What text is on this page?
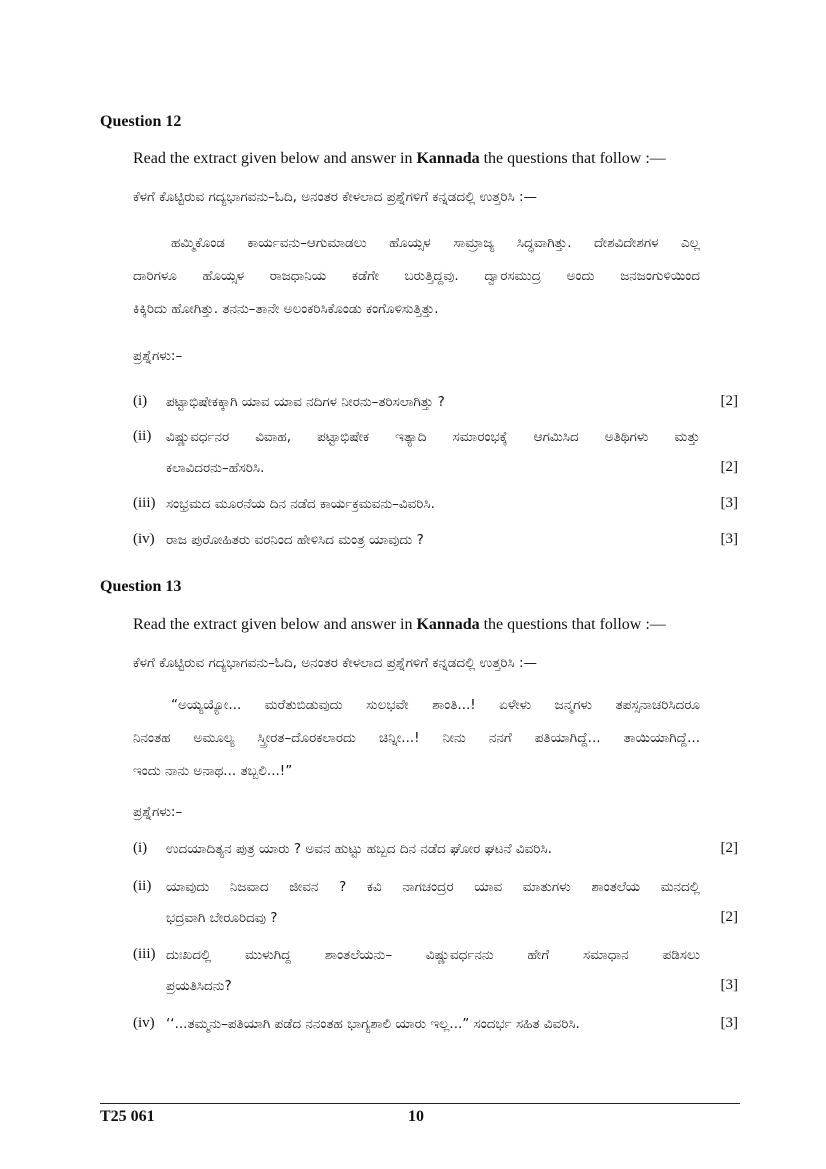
Question 12
Read the extract given below and answer in Kannada the questions that follow :—
ಕೆಳಗೆ ಕೊಟ್ಟಿರುವ ಗದ್ಯಭಾಗವನು–ಓದಿ, ಅನಂತರ ಕೇಳಲಾದ ಪ್ರಶ್ನೆಗಳಿಗೆ ಕನ್ನಡದಲ್ಲಿ ಉತ್ತರಿಸಿ :—
ಹಮ್ಮಿಕೊಂಡ ಕಾರ್ಯವನು–ಆಗುಮಾಡಲು ಹೊಯ್ಸಳ ಸಾಮ್ರಾಜ್ಯ ಸಿದ್ಧವಾಗಿತ್ತು. ದೇಶವಿದೇಶಗಳ ಎಲ್ಲ
ದಾರಿಗಳೂ ಹೊಯ್ಸಳ ರಾಜಧಾನಿಯ ಕಡೆಗೇ ಬರುತ್ತಿದ್ದವು. ದ್ವಾರಸಮುದ್ರ ಅಂದು ಜನಜಂಗುಳಿಯಿಂದ
ಕಿಕ್ಕಿರಿದು ಹೋಗಿತ್ತು. ತನನು–ತಾನೇ ಅಲಂಕರಿಸಿಕೊಂಡು ಕಂಗೊಳಿಸುತ್ತಿತ್ತು.
ಪ್ರಶ್ನೆಗಳು:–
(i) ಪಟ್ಟಾಭಿಷೇಕಕ್ಕಾಗಿ ಯಾವ ಯಾವ ನದಿಗಳ ನೀರನು–ತರಿಸಲಾಗಿತ್ತು ?	[2]
(ii) ವಿಷ್ಣುವರ್ಧನರ ವಿವಾಹ, ಪಟ್ಟಾಭಿಷೇಕ ಇತ್ಯಾದಿ ಸಮಾರಂಭಕ್ಕೆ ಆಗಮಿಸಿದ ಅತಿಥಿಗಳು ಮತ್ತು
ಕಲಾವಿದರನು–ಹೆಸರಿಸಿ.	[2]
(iii) ಸಂಭ್ರಮದ ಮೂರನೆಯ ದಿನ ನಡೆದ ಕಾರ್ಯಕ್ರಮವನು–ವಿವರಿಸಿ.	[3]
(iv) ರಾಜ ಪುರೋಹಿತರು ವರನಿಂದ ಹೇಳಿಸಿದ ಮಂತ್ರ ಯಾವುದು ?	[3]
Question 13
Read the extract given below and answer in Kannada the questions that follow :—
ಕೆಳಗೆ ಕೊಟ್ಟಿರುವ ಗದ್ಯಭಾಗವನು–ಓದಿ, ಅನಂತರ ಕೇಳಲಾದ ಪ್ರಶ್ನೆಗಳಿಗೆ ಕನ್ನಡದಲ್ಲಿ ಉತ್ತರಿಸಿ :—
“ಅಯ್ಯಯ್ಯೋ... ಮರೆತುಬಿಡುವುದು ಸುಲಭವೇ ಶಾಂತಿ...! ಏಳೇಳು ಜನ್ಮಗಳು ತಪಸ್ಸನಾಚರಿಸಿದರೂ
ನಿನಂತಹ ಅಮೂಲ್ಯ ಸ್ತ್ರೀರತ–ದೊರಕಲಾರದು ಚಿನ್ನೀ...! ನೀನು ನನಗೆ ಪತಿಯಾಗಿದ್ದೆ... ತಾಯಿಯಾಗಿದ್ದೆ...
ಇಂದು ನಾನು ಅನಾಥ... ತಬ್ಬಲಿ...!”
ಪ್ರಶ್ನೆಗಳು:–
(i) ಉದಯಾದಿತ್ಯನ ಪುತ್ರ ಯಾರು ? ಅವನ ಹುಟ್ಟು ಹಬ್ಬದ ದಿನ ನಡೆದ ಘೋರ ಘಟನೆ ವಿವರಿಸಿ.	[2]
(ii) ಯಾವುದು ನಿಜವಾದ ಜೀವನ ? ಕವಿ ನಾಗಚಂದ್ರರ ಯಾವ ಮಾತುಗಳು ಶಾಂತಲೆಯ ಮನದಲ್ಲಿ
ಭದ್ರವಾಗಿ ಬೇರೂರಿದವು ?	[2]
(iii) ದುಃಖದಲ್ಲಿ ಮುಳುಗಿದ್ದ ಶಾಂತಲೆಯನು– ವಿಷ್ಣುವರ್ಧನನು ಹೇಗೆ ಸಮಾಧಾನ ಪಡಿಸಲು
ಪ್ರಯತಿಸಿದನು?	[3]
(iv) ‘‘...ತಮ್ಮನು–ಪತಿಯಾಗಿ ಪಡೆದ ನನಂತಹ ಭಾಗ್ಯಶಾಲಿ ಯಾರು ಇಲ್ಲ...” ಸಂದರ್ಭ ಸಹಿತ ವಿವರಿಸಿ.	[3]
T25 061	10
